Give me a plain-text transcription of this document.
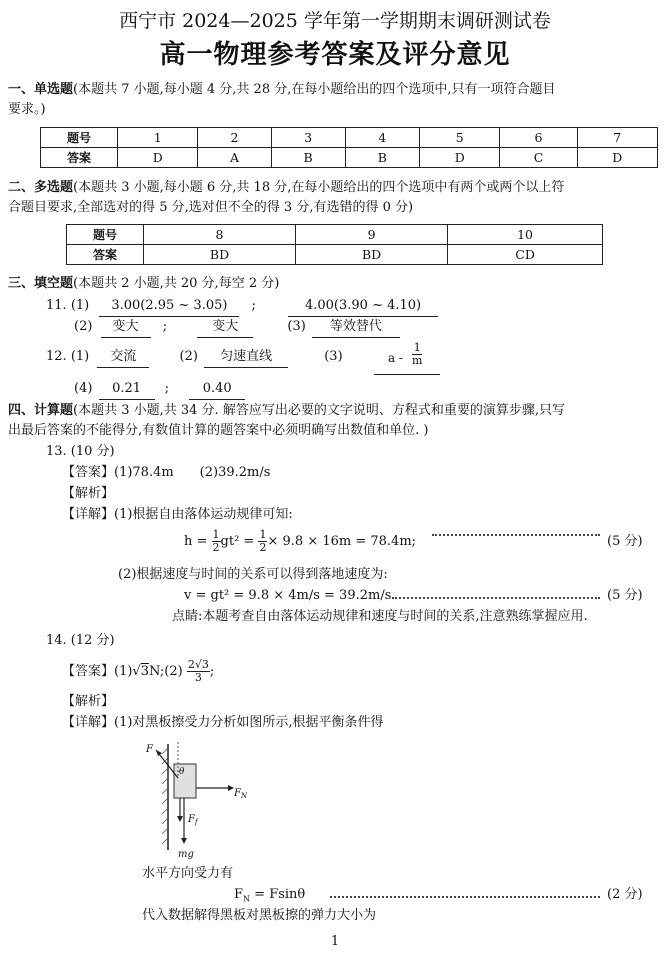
西宁市 2024—2025 学年第一学期期末调研测试卷
高一物理参考答案及评分意见
一、单选题(本题共 7 小题,每小题 4 分,共 28 分,在每小题给出的四个选项中,只有一项符合题目
要求。)
题号	1	2	3	4	5	6	7
答案	D	A	B	B	D	C	D
二、多选题(本题共 3 小题,每小题 6 分,共 18 分,在每小题给出的四个选项中有两个或两个以上符
合题目要求,全部选对的得 5 分,选对但不全的得 3 分,有选错的得 0 分)
题号	8	9	10
答案	BD	BD	CD
三、填空题(本题共 2 小题,共 20 分,每空 2 分)
11. (1) 3.00(2.95 ~ 3.05) ;	4.00(3.90 ~ 4.10)
(2) 变大 ;	变大	(3) 等效替代
12. (1) 交流	(2) 匀速直线	(3)	a - $\frac{1}{m}$
(4) 0.21 ;	0.40
四、计算题(本题共 3 小题,共 34 分. 解答应写出必要的文字说明、方程式和重要的演算步骤,只写
出最后答案的不能得分,有数值计算的题答案中必须明确写出数值和单位. )
13. (10 分)
【答案】(1)78.4m　　(2)39.2m/s
【解析】
【详解】(1)根据自由落体运动规律可知:
$h = \frac{1}{2} gt^2 = \frac{1}{2} \times 9.8 \times 16m = 78.4m$;	(5 分)
(2)根据速度与时间的关系可以得到落地速度为:
v = gt² = 9.8 × 4m/s = 39.2m/s.	(5 分)
点睛:本题考查自由落体运动规律和速度与时间的关系,注意熟练掌握应用.
14. (12 分)
【答案】(1)√3N;(2) $\frac{2√3}{3}$ ;
【解析】
【详解】(1)对黑板擦受力分析如图所示,根据平衡条件得
F
θ
$F_N$
$F_f$
mg
水平方向受力有
$F_N = Fsin\theta$	(2 分)
代入数据解得黑板对黑板擦的弹力大小为
1
